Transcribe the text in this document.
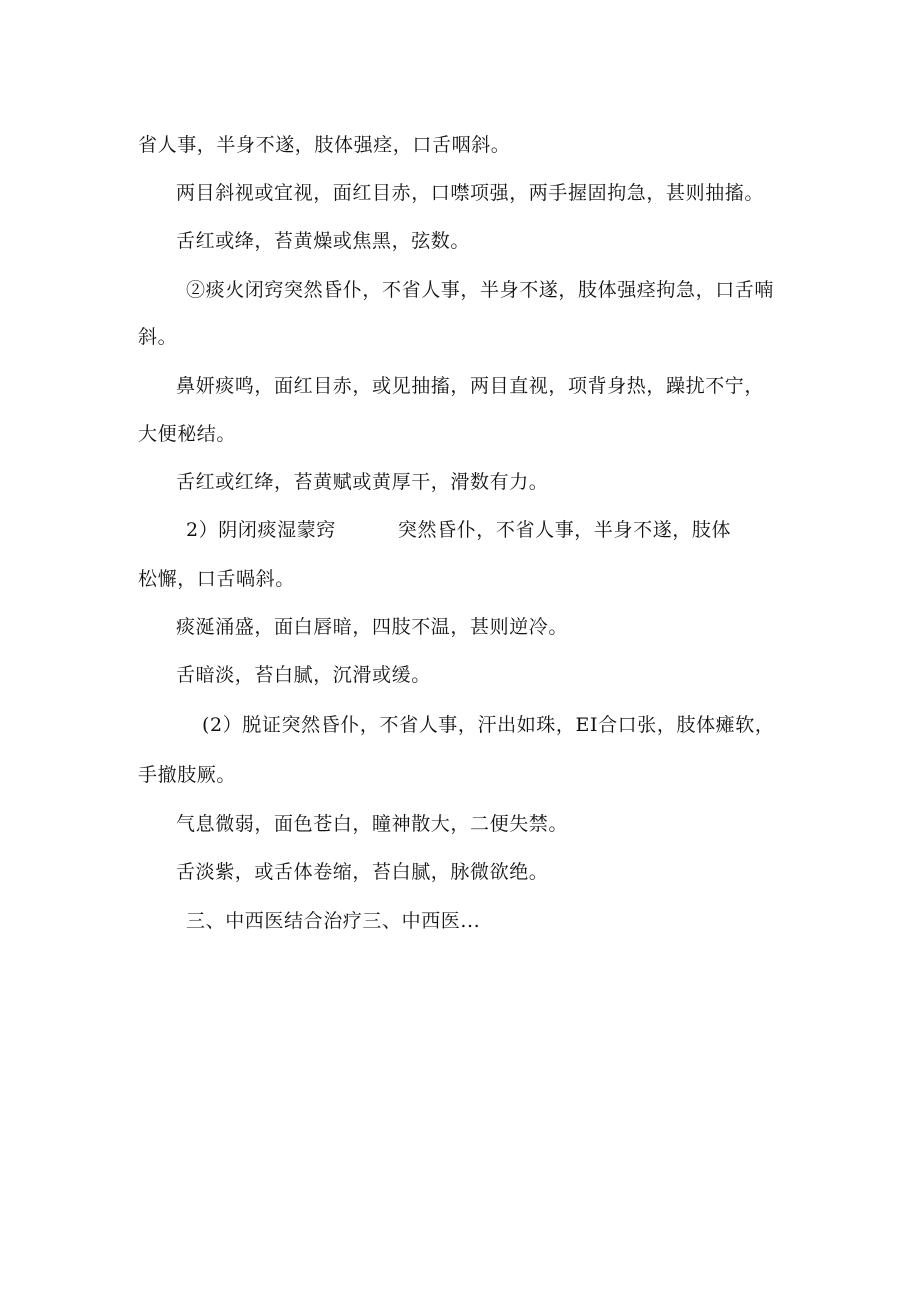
省人事，半身不遂，肢体强痉，口舌咽斜。
两目斜视或宜视，面红目赤，口噤项强，两手握固拘急，甚则抽搐。
舌红或绛，苔黄燥或焦黑，弦数。
②痰火闭窍突然昏仆，不省人事，半身不遂，肢体强痉拘急，口舌喃
斜。
鼻妍痰鸣，面红目赤，或见抽搐，两目直视，项背身热，躁扰不宁，
大便秘结。
舌红或红绛，苔黄赋或黄厚干，滑数有力。
2）阴闭痰湿蒙窍	突然昏仆，不省人事，半身不遂，肢体
松懈，口舌喎斜。
痰涎涌盛，面白唇暗，四肢不温，甚则逆冷。
舌暗淡，苔白腻，沉滑或缓。
(2）脱证突然昏仆，不省人事，汗出如珠，EI合口张，肢体瘫软，
手撤肢厥。
气息微弱，面色苍白，瞳神散大，二便失禁。
舌淡紫，或舌体卷缩，苔白腻，脉微欲绝。
三、中西医结合治疗三、中西医...
